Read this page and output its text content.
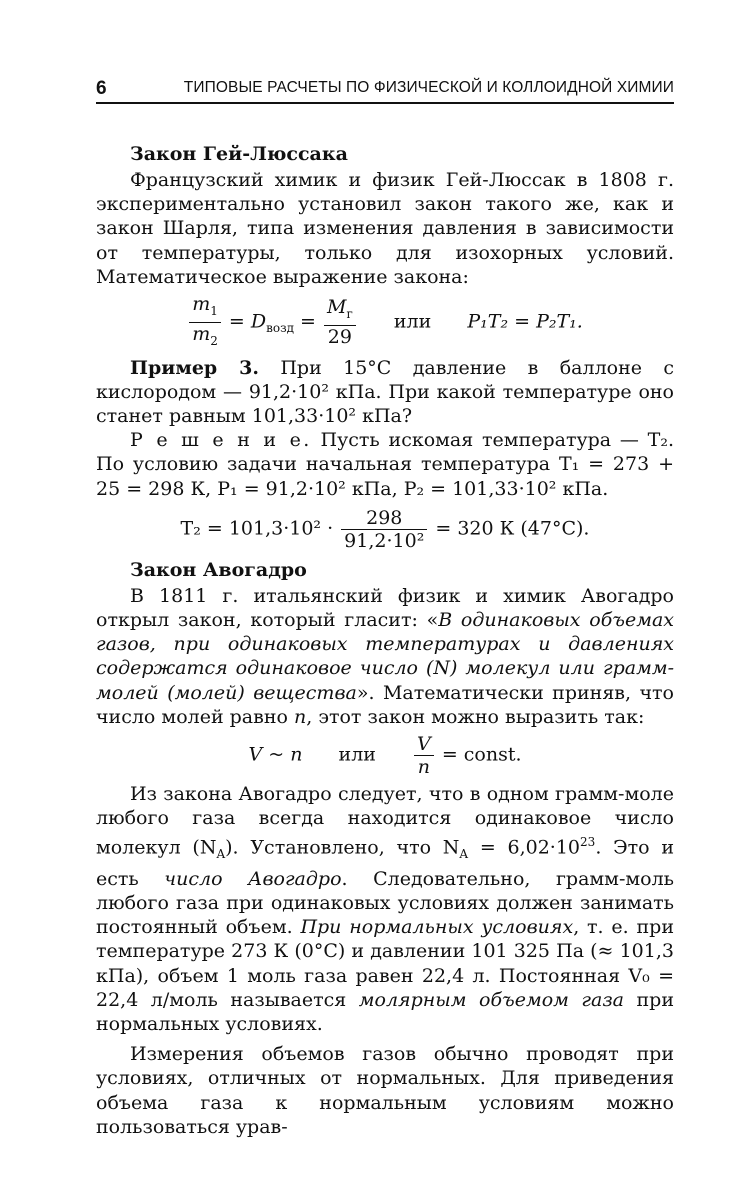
6	ТИПОВЫЕ РАСЧЕТЫ ПО ФИЗИЧЕСКОЙ И КОЛЛОИДНОЙ ХИМИИ
Закон Гей-Люссака

Французский химик и физик Гей-Люссак в 1808 г. экспериментально установил закон такого же, как и закон Шарля, типа изменения давления в зависимости от температуры, только для изохорных условий. Математическое выражение закона:

$\frac{m_1}{m_2} = D_{возд} = \frac{M_г}{29}$ или P₁T₂ = P₂T₁.

Пример 3. При 15°C давление в баллоне с кислородом — 91,2·10² кПа. При какой температуре оно станет равным 101,33·10² кПа?

Р е ш е н и е. Пусть искомая температура — T₂. По условию задачи начальная температура T₁ = 273 + 25 = 298 К, P₁ = 91,2·10² кПа, P₂ = 101,33·10² кПа.

$T_2 = 101,3\cdot 10^2 \cdot \frac{298}{\text{91,2·10²}} = 320$ К (47°С).
Закон Авогадро

В 1811 г. итальянский физик и химик Авогадро открыл закон, который гласит: «В одинаковых объемах газов, при одинаковых температурах и давлениях содержатся одинаковое число (N) молекул или грамм-молей (молей) вещества». Математически приняв, что число молей равно n, этот закон можно выразить так:

V ~ n или $\frac{V}{n}$ = const.

Из закона Авогадро следует, что в одном грамм-моле любого газа всегда находится одинаковое число молекул $(N_A)$. Установлено, что $N_A = 6,02\cdot 10^{23}$. Это и есть число Авогадро. Следовательно, грамм-моль любого газа при одинаковых условиях должен занимать постоянный объем. При нормальных условиях, т. е. при температуре 273 К (0°С) и давлении 101 325 Па (≈ 101,3 кПа), объем 1 моль газа равен 22,4 л. Постоянная V₀ = 22,4 л/моль называется молярным объемом газа при нормальных условиях.

Измерения объемов газов обычно проводят при условиях, отличных от нормальных. Для приведения объема газа к нормальным условиям можно пользоваться урав-
